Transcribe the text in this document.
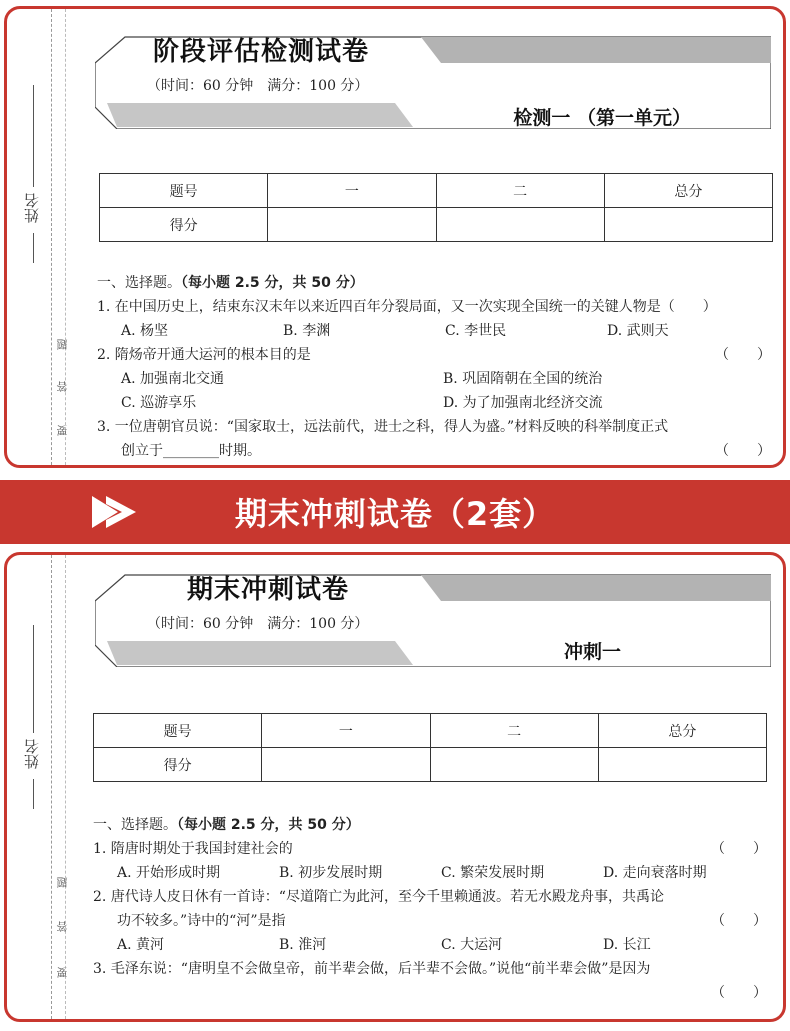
姓名
题
答
要
阶段评估检测试卷
（时间：60 分钟　满分：100 分）
检测一 （第一单元）
题号	一	二	总分
得分			
一、选择题。（每小题 2.5 分，共 50 分）
1. 在中国历史上，结束东汉末年以来近四百年分裂局面，又一次实现全国统一的关键人物是（　　）
A. 杨坚	B. 李渊	C. 李世民	D. 武则天
2. 隋炀帝开通大运河的根本目的是	（　　）
A. 加强南北交通	B. 巩固隋朝在全国的统治
C. 巡游享乐	D. 为了加强南北经济交流
3. 一位唐朝官员说：“国家取士，远法前代，进士之科，得人为盛。”材料反映的科举制度正式
创立于________时期。	（　　）
期末冲刺试卷（2套）
姓名
题
答
要
期末冲刺试卷
（时间：60 分钟　满分：100 分）
冲刺一
题号	一	二	总分
得分			
一、选择题。（每小题 2.5 分，共 50 分）
1. 隋唐时期处于我国封建社会的	（　　）
A. 开始形成时期	B. 初步发展时期	C. 繁荣发展时期	D. 走向衰落时期
2. 唐代诗人皮日休有一首诗：“尽道隋亡为此河，至今千里赖通波。若无水殿龙舟事，共禹论
功不较多。”诗中的“河”是指	（　　）
A. 黄河	B. 淮河	C. 大运河	D. 长江
3. 毛泽东说：“唐明皇不会做皇帝，前半辈会做，后半辈不会做。”说他“前半辈会做”是因为
（　　）
